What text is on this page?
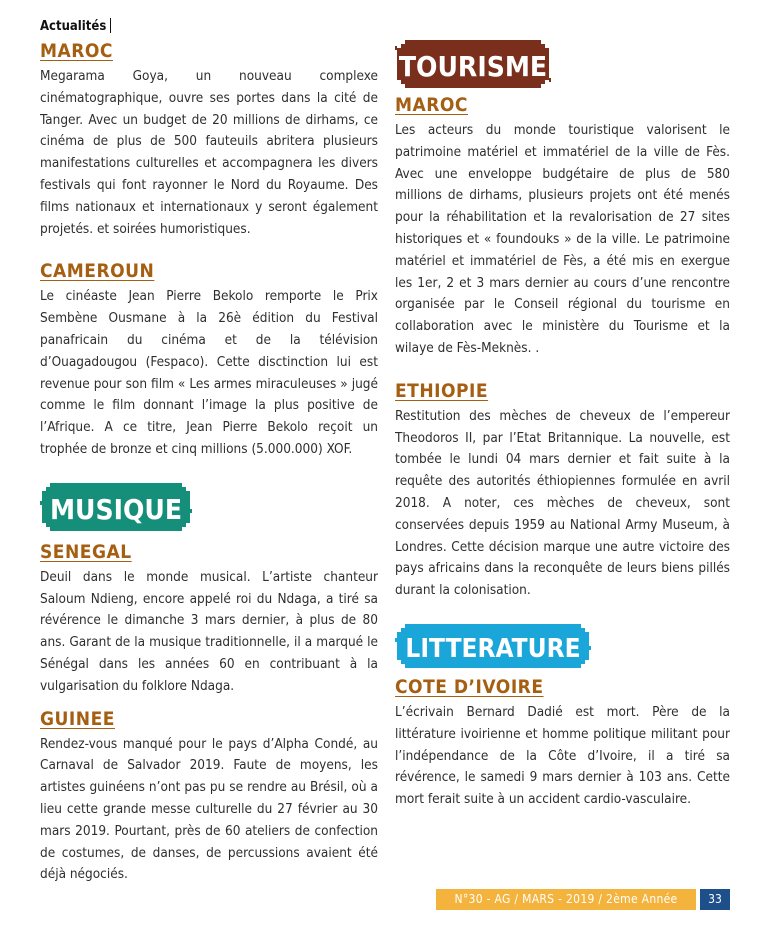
Actualités
MAROC

Megarama Goya, un nouveau complexe cinématographique, ouvre ses portes dans la cité de Tanger. Avec un budget de 20 millions de dirhams, ce cinéma de plus de 500 fauteuils abritera plusieurs manifestations culturelles et accompagnera les divers festivals qui font rayonner le Nord du Royaume. Des films nationaux et internationaux y seront également projetés. et soirées humoristiques.

CAMEROUN

Le cinéaste Jean Pierre Bekolo remporte le Prix Sembène Ousmane à la 26è édition du Festival panafricain du cinéma et de la télévision d’Ouagadougou (Fespaco). Cette disctinction lui est revenue pour son film « Les armes miraculeuses » jugé comme le film donnant l’image la plus positive de l’Afrique. A ce titre, Jean Pierre Bekolo reçoit un trophée de bronze et cinq millions (5.000.000) XOF.

MUSIQUE
SENEGAL

Deuil dans le monde musical. L’artiste chanteur Saloum Ndieng, encore appelé roi du Ndaga, a tiré sa révérence le dimanche 3 mars dernier, à plus de 80 ans. Garant de la musique traditionnelle, il a marqué le Sénégal dans les années 60 en contribuant à la vulgarisation du folklore Ndaga.

GUINEE

Rendez-vous manqué pour le pays d’Alpha Condé, au Carnaval de Salvador 2019. Faute de moyens, les artistes guinéens n’ont pas pu se rendre au Brésil, où a lieu cette grande messe culturelle du 27 février au 30 mars 2019. Pourtant, près de 60 ateliers de confection de costumes, de danses, de percussions avaient été déjà négociés.

TOURISME
MAROC

Les acteurs du monde touristique valorisent le patrimoine matériel et immatériel de la ville de Fès. Avec une enveloppe budgétaire de plus de 580 millions de dirhams, plusieurs projets ont été menés pour la réhabilitation et la revalorisation de 27 sites historiques et « foundouks » de la ville. Le patrimoine matériel et immatériel de Fès, a été mis en exergue les 1er, 2 et 3 mars dernier au cours d’une rencontre organisée par le Conseil régional du tourisme en collaboration avec le ministère du Tourisme et la wilaye de Fès-Meknès. .

ETHIOPIE

Restitution des mèches de cheveux de l’empereur Theodoros II, par l’Etat Britannique. La nouvelle, est tombée le lundi 04 mars dernier et fait suite à la requête des autorités éthiopiennes formulée en avril 2018. A noter, ces mèches de cheveux, sont conservées depuis 1959 au National Army Museum, à Londres. Cette décision marque une autre victoire des pays africains dans la reconquête de leurs biens pillés durant la colonisation.

LITTERATURE
COTE D’IVOIRE

L’écrivain Bernard Dadié est mort. Père de la littérature ivoirienne et homme politique militant pour l’indépendance de la Côte d’Ivoire, il a tiré sa révérence, le samedi 9 mars dernier à 103 ans. Cette mort ferait suite à un accident cardio-vasculaire.

N°30 - AG / MARS - 2019 / 2ème Année	33
